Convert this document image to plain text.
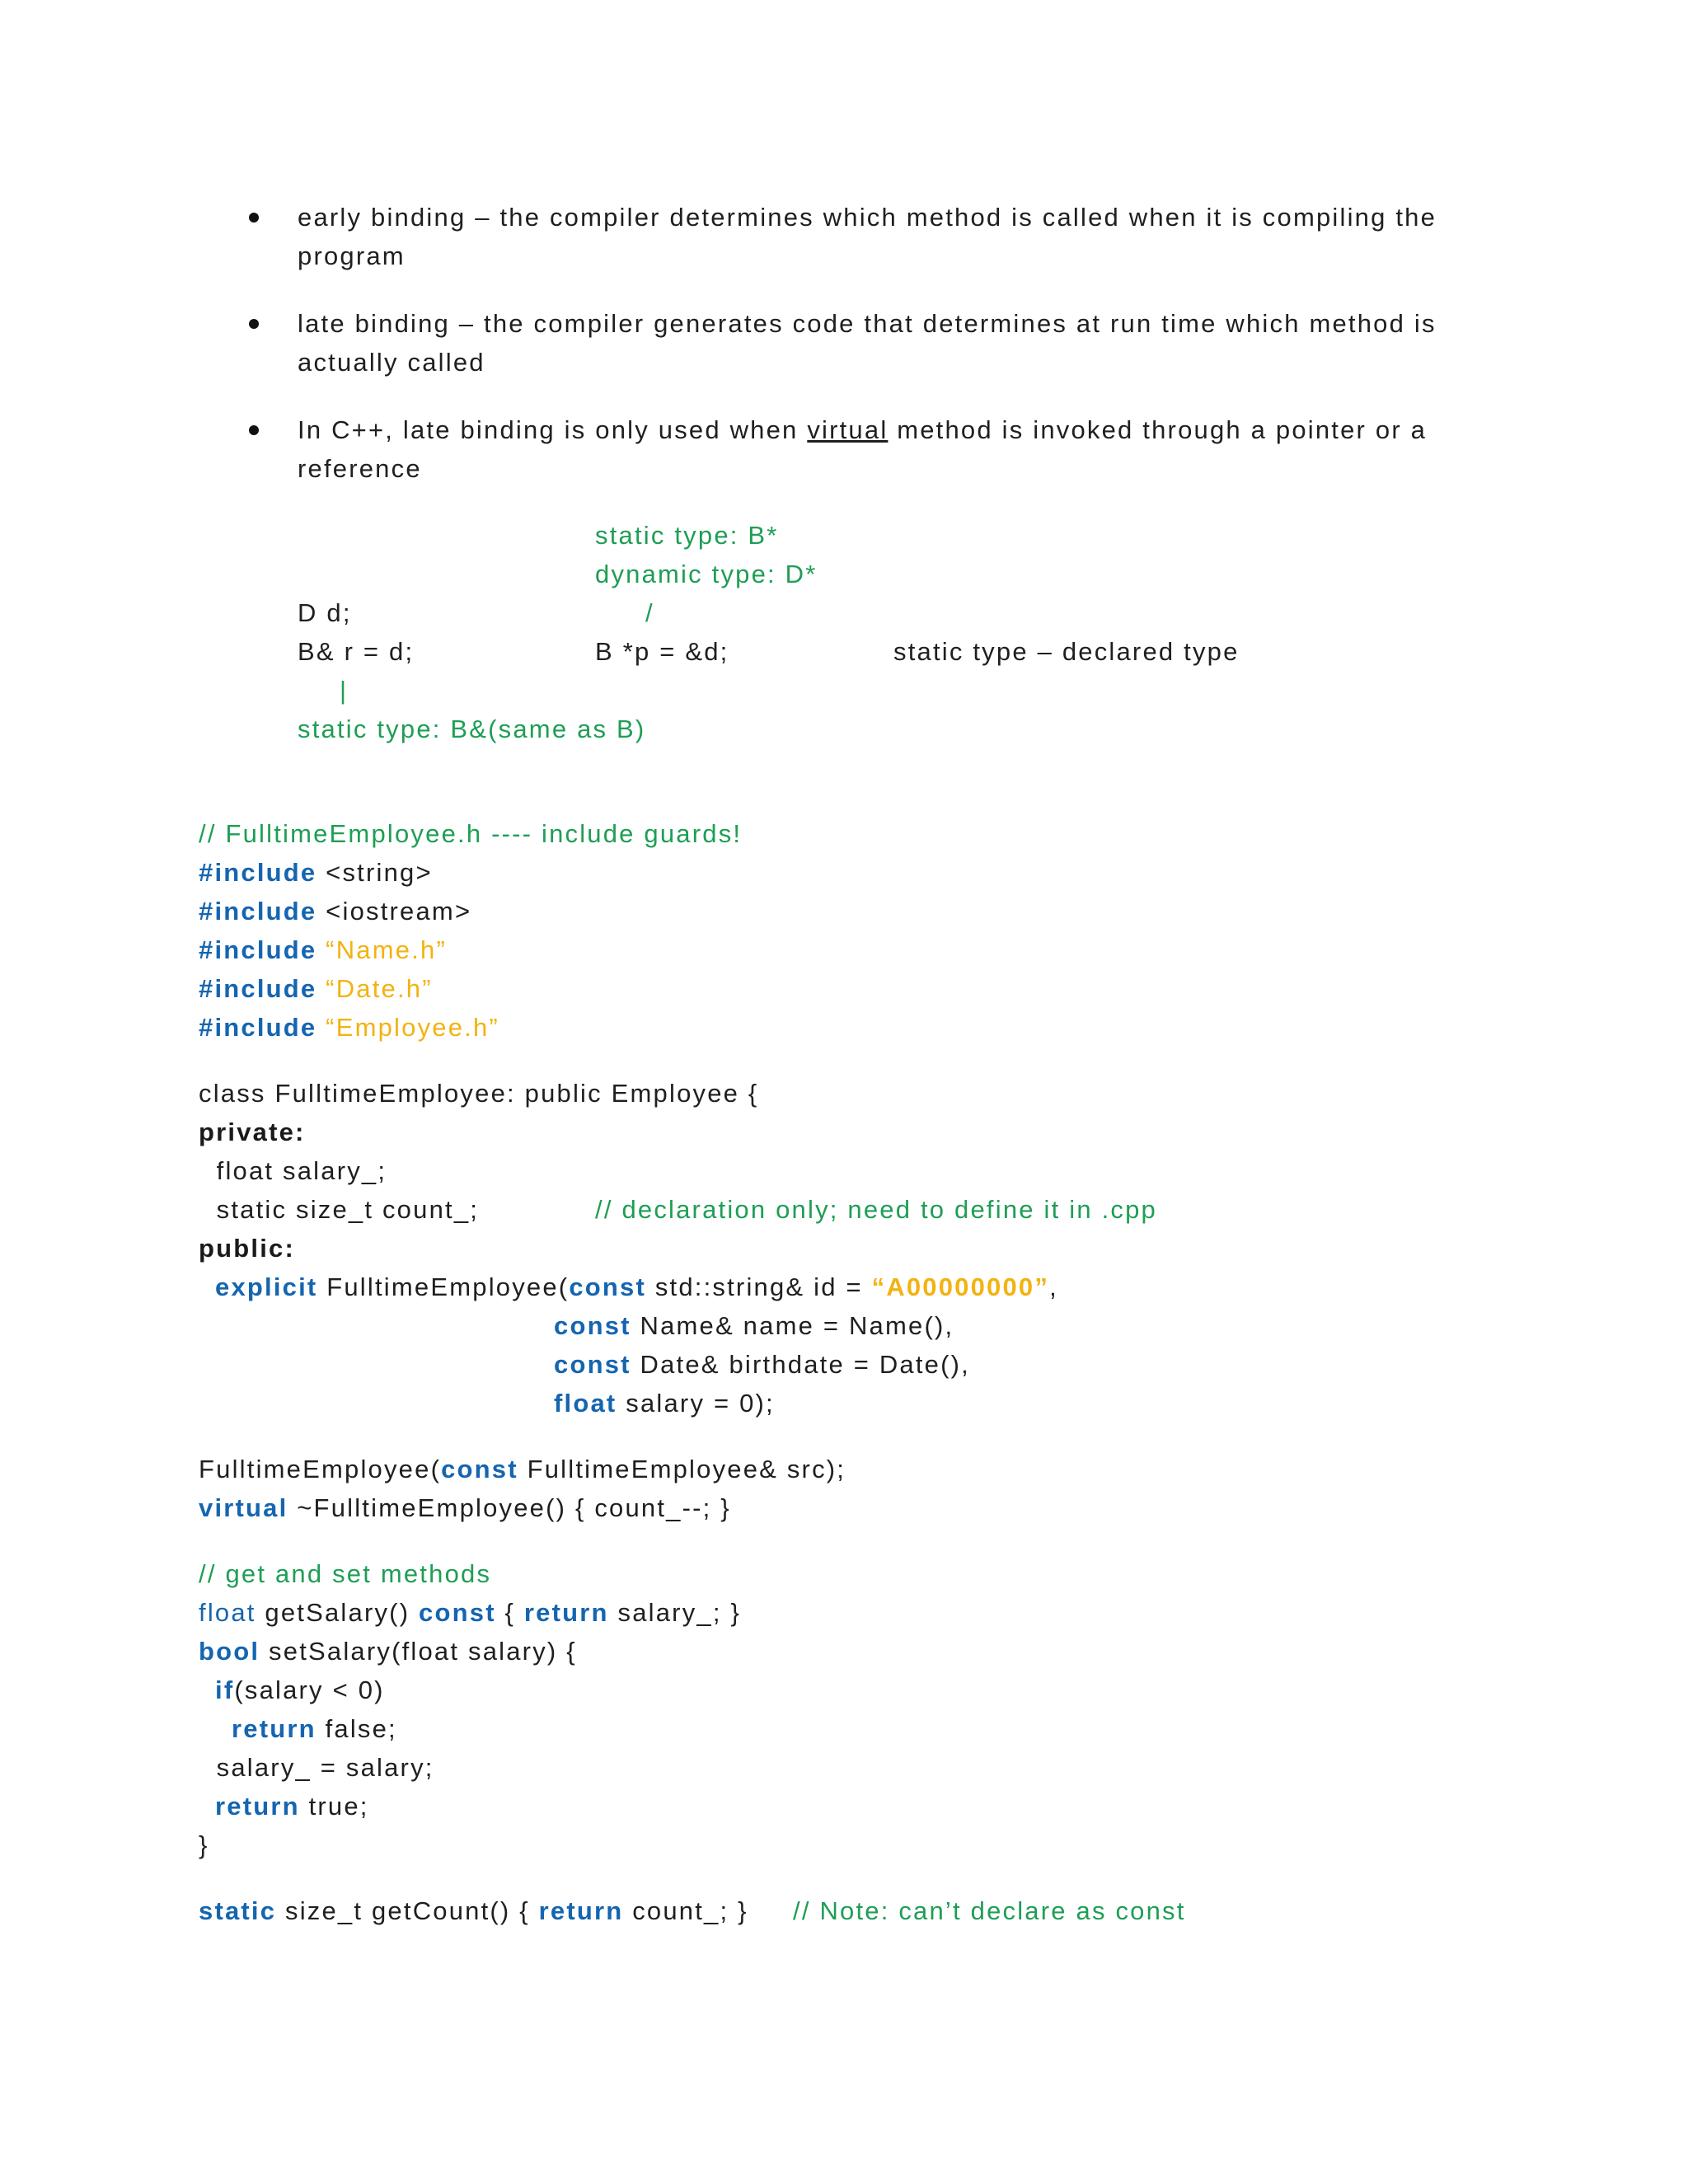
early binding – the compiler determines which method is called when it is compiling the
program
late binding – the compiler generates code that determines at run time which method is
actually called
In C++, late binding is only used when virtual method is invoked through a pointer or a
reference
static type: B*
dynamic type: D*
/
D d;
B& r = d;	B *p = &d;	static type – declared type
|
static type: B&(same as B)
// FulltimeEmployee.h ---- include guards!
#include <string>
#include <iostream>
#include “Name.h”
#include “Date.h”
#include “Employee.h”
class FulltimeEmployee: public Employee {
private:
float salary_;
static size_t count_;	// declaration only; need to define it in .cpp
public:
explicit FulltimeEmployee(const std::string& id = “A00000000”,
const Name& name = Name(),
const Date& birthdate = Date(),
float salary = 0);
FulltimeEmployee(const FulltimeEmployee& src);
virtual ~FulltimeEmployee() { count_--; }
// get and set methods
float getSalary() const { return salary_; }
bool setSalary(float salary) {
if(salary < 0)
return false;
salary_ = salary;
return true;
}
static size_t getCount() { return count_; } // Note: can’t declare as const
